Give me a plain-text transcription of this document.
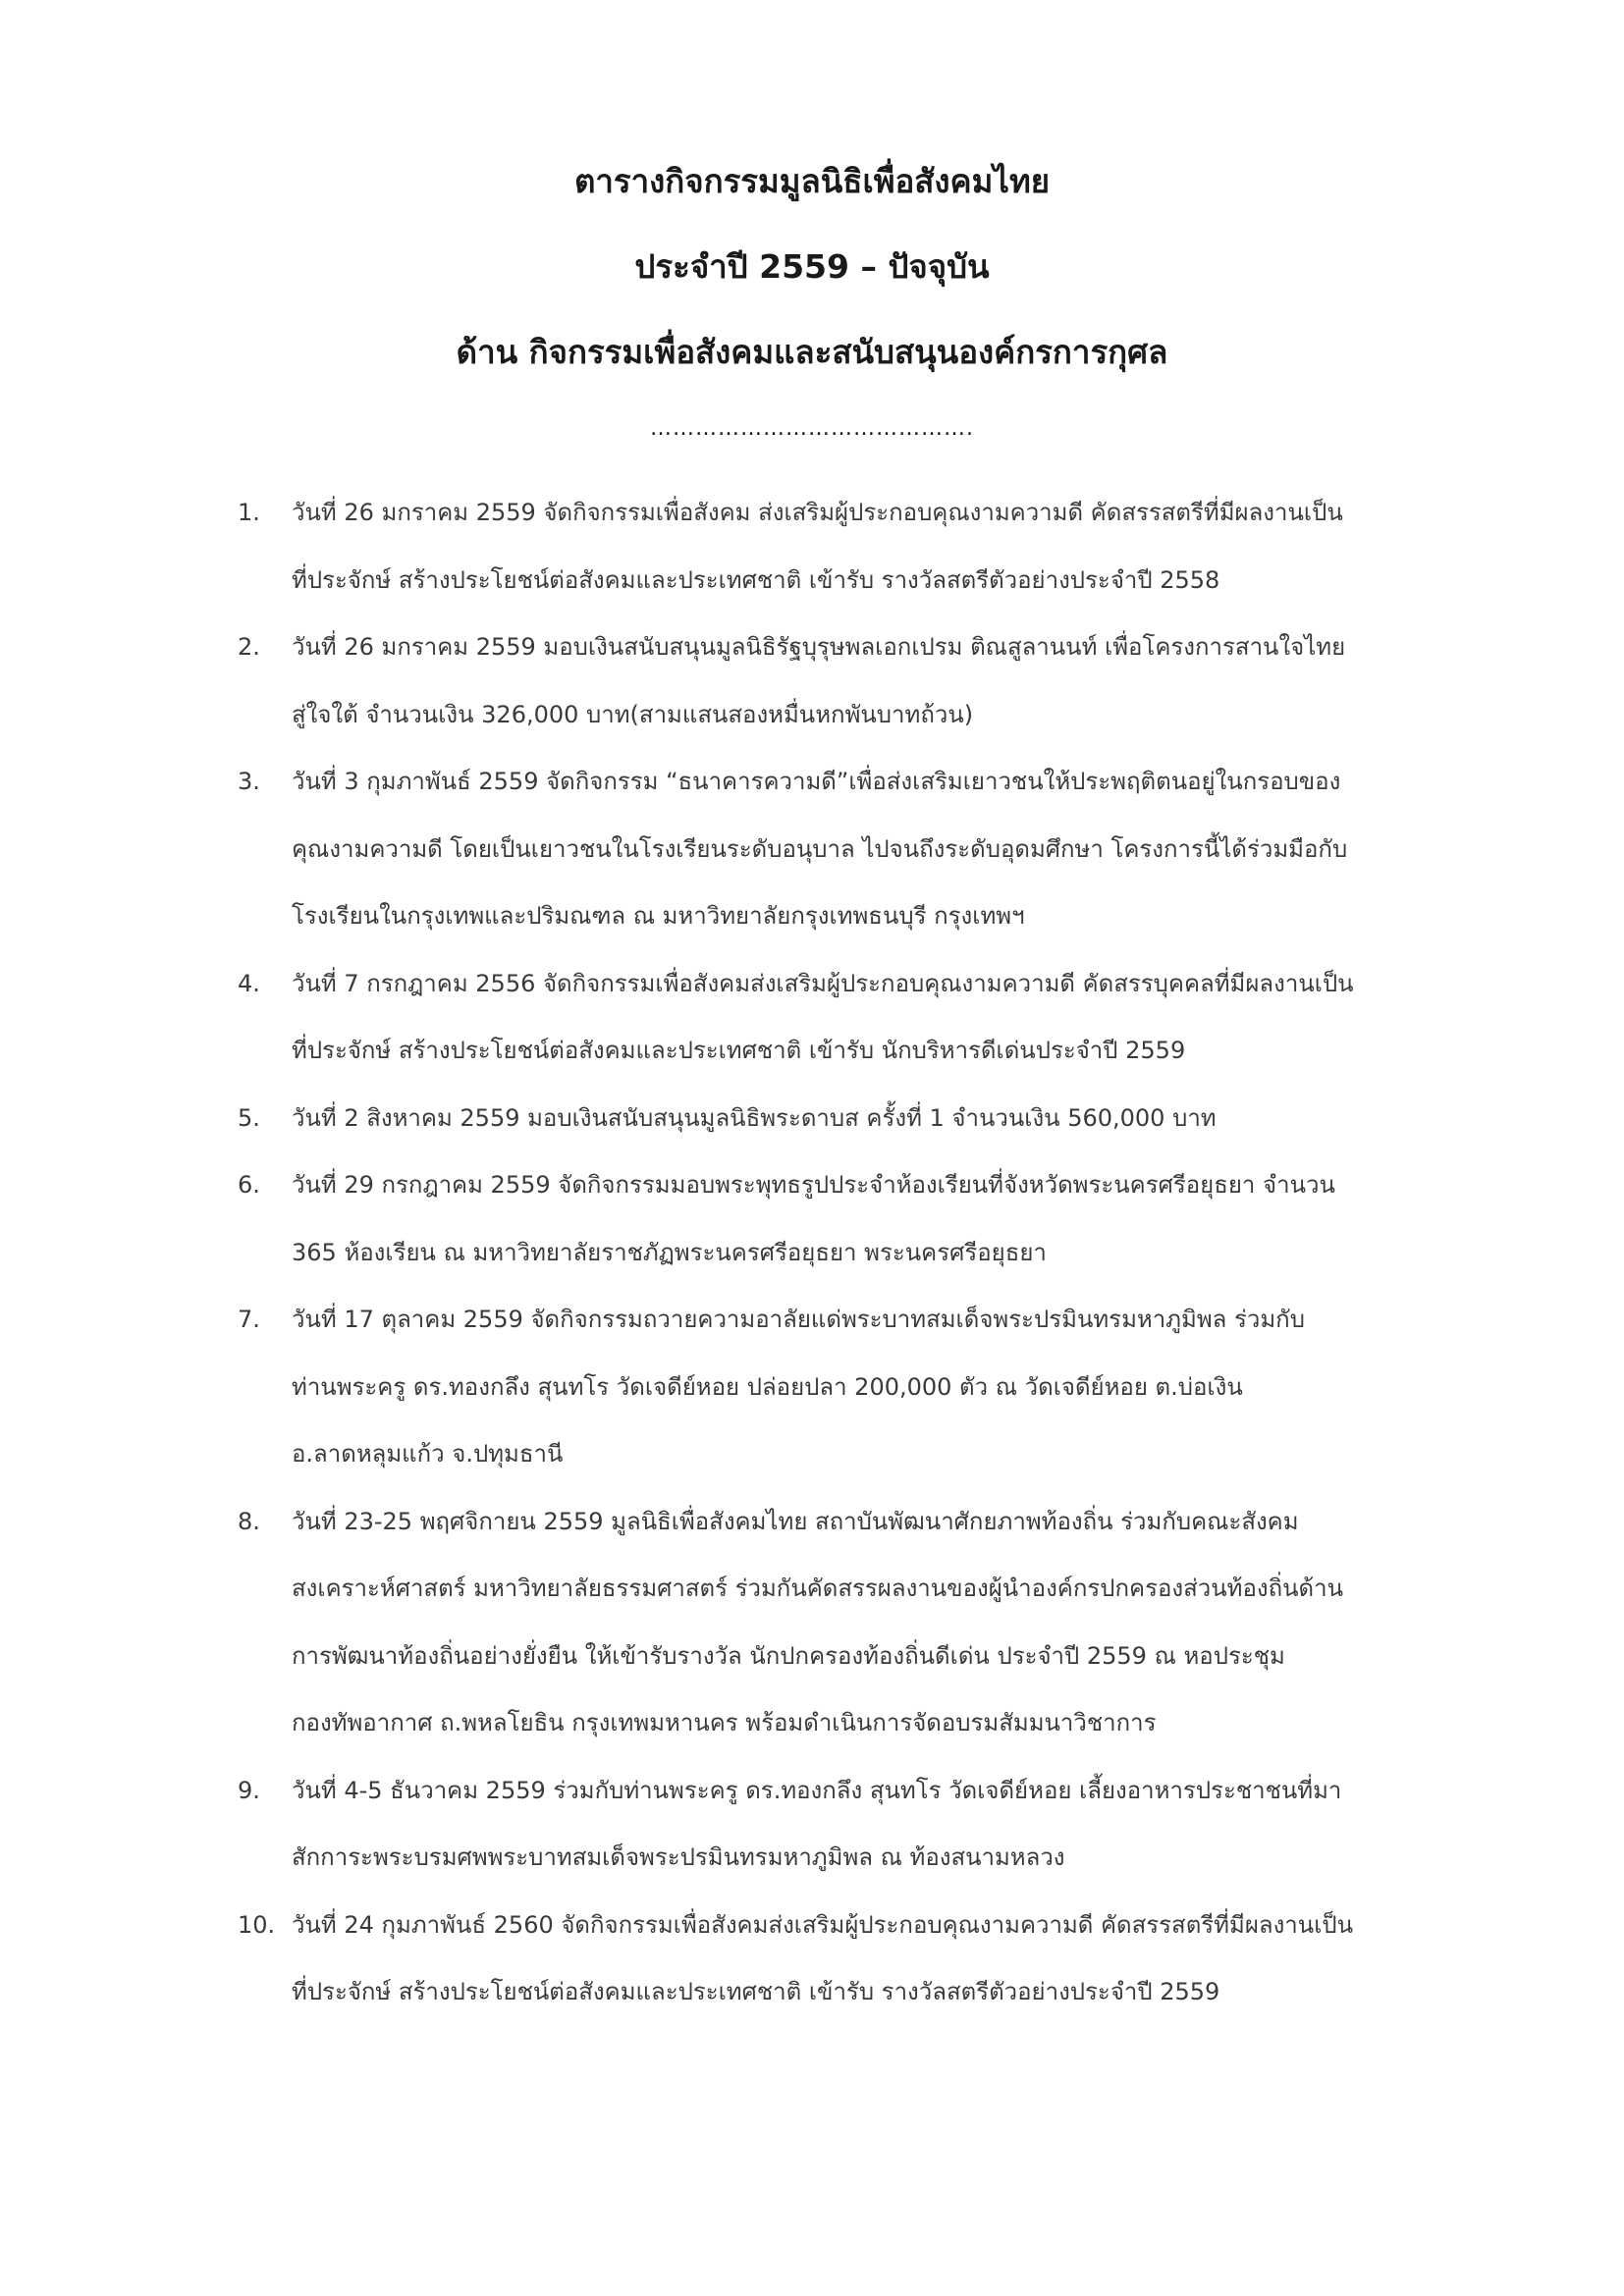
ตารางกิจกรรมมูลนิธิเพื่อสังคมไทย
ประจำปี 2559 – ปัจจุบัน
ด้าน กิจกรรมเพื่อสังคมและสนับสนุนองค์กรการกุศล
…………………………………….
1.	วันที่ 26 มกราคม 2559 จัดกิจกรรมเพื่อสังคม ส่งเสริมผู้ประกอบคุณงามความดี คัดสรรสตรีที่มีผลงานเป็น
ที่ประจักษ์ สร้างประโยชน์ต่อสังคมและประเทศชาติ เข้ารับ รางวัลสตรีตัวอย่างประจำปี 2558
2.	วันที่ 26 มกราคม 2559 มอบเงินสนับสนุนมูลนิธิรัฐบุรุษพลเอกเปรม ติณสูลานนท์ เพื่อโครงการสานใจไทย
สู่ใจใต้ จำนวนเงิน 326,000 บาท(สามแสนสองหมื่นหกพันบาทถ้วน)
3.	วันที่ 3 กุมภาพันธ์ 2559 จัดกิจกรรม “ธนาคารความดี”เพื่อส่งเสริมเยาวชนให้ประพฤติตนอยู่ในกรอบของ
คุณงามความดี โดยเป็นเยาวชนในโรงเรียนระดับอนุบาล ไปจนถึงระดับอุดมศึกษา โครงการนี้ได้ร่วมมือกับ
โรงเรียนในกรุงเทพและปริมณฑล ณ มหาวิทยาลัยกรุงเทพธนบุรี กรุงเทพฯ
4.	วันที่ 7 กรกฎาคม 2556 จัดกิจกรรมเพื่อสังคมส่งเสริมผู้ประกอบคุณงามความดี คัดสรรบุคคลที่มีผลงานเป็น
ที่ประจักษ์ สร้างประโยชน์ต่อสังคมและประเทศชาติ เข้ารับ นักบริหารดีเด่นประจำปี 2559
5.	วันที่ 2 สิงหาคม 2559 มอบเงินสนับสนุนมูลนิธิพระดาบส ครั้งที่ 1 จำนวนเงิน 560,000 บาท
6.	วันที่ 29 กรกฎาคม 2559 จัดกิจกรรมมอบพระพุทธรูปประจำห้องเรียนที่จังหวัดพระนครศรีอยุธยา จำนวน
365 ห้องเรียน ณ มหาวิทยาลัยราชภัฏพระนครศรีอยุธยา พระนครศรีอยุธยา
7.	วันที่ 17 ตุลาคม 2559 จัดกิจกรรมถวายความอาลัยแด่พระบาทสมเด็จพระปรมินทรมหาภูมิพล ร่วมกับ
ท่านพระครู ดร.ทองกลึง สุนทโร วัดเจดีย์หอย ปล่อยปลา 200,000 ตัว ณ วัดเจดีย์หอย ต.บ่อเงิน
อ.ลาดหลุมแก้ว จ.ปทุมธานี
8.	วันที่ 23-25 พฤศจิกายน 2559 มูลนิธิเพื่อสังคมไทย สถาบันพัฒนาศักยภาพท้องถิ่น ร่วมกับคณะสังคม
สงเคราะห์ศาสตร์ มหาวิทยาลัยธรรมศาสตร์ ร่วมกันคัดสรรผลงานของผู้นำองค์กรปกครองส่วนท้องถิ่นด้าน
การพัฒนาท้องถิ่นอย่างยั่งยืน ให้เข้ารับรางวัล นักปกครองท้องถิ่นดีเด่น ประจำปี 2559 ณ หอประชุม
กองทัพอากาศ ถ.พหลโยธิน กรุงเทพมหานคร พร้อมดำเนินการจัดอบรมสัมมนาวิชาการ
9.	วันที่ 4-5 ธันวาคม 2559 ร่วมกับท่านพระครู ดร.ทองกลึง สุนทโร วัดเจดีย์หอย เลี้ยงอาหารประชาชนที่มา
สักการะพระบรมศพพระบาทสมเด็จพระปรมินทรมหาภูมิพล ณ ท้องสนามหลวง
10. วันที่ 24 กุมภาพันธ์ 2560 จัดกิจกรรมเพื่อสังคมส่งเสริมผู้ประกอบคุณงามความดี คัดสรรสตรีที่มีผลงานเป็น
ที่ประจักษ์ สร้างประโยชน์ต่อสังคมและประเทศชาติ เข้ารับ รางวัลสตรีตัวอย่างประจำปี 2559
